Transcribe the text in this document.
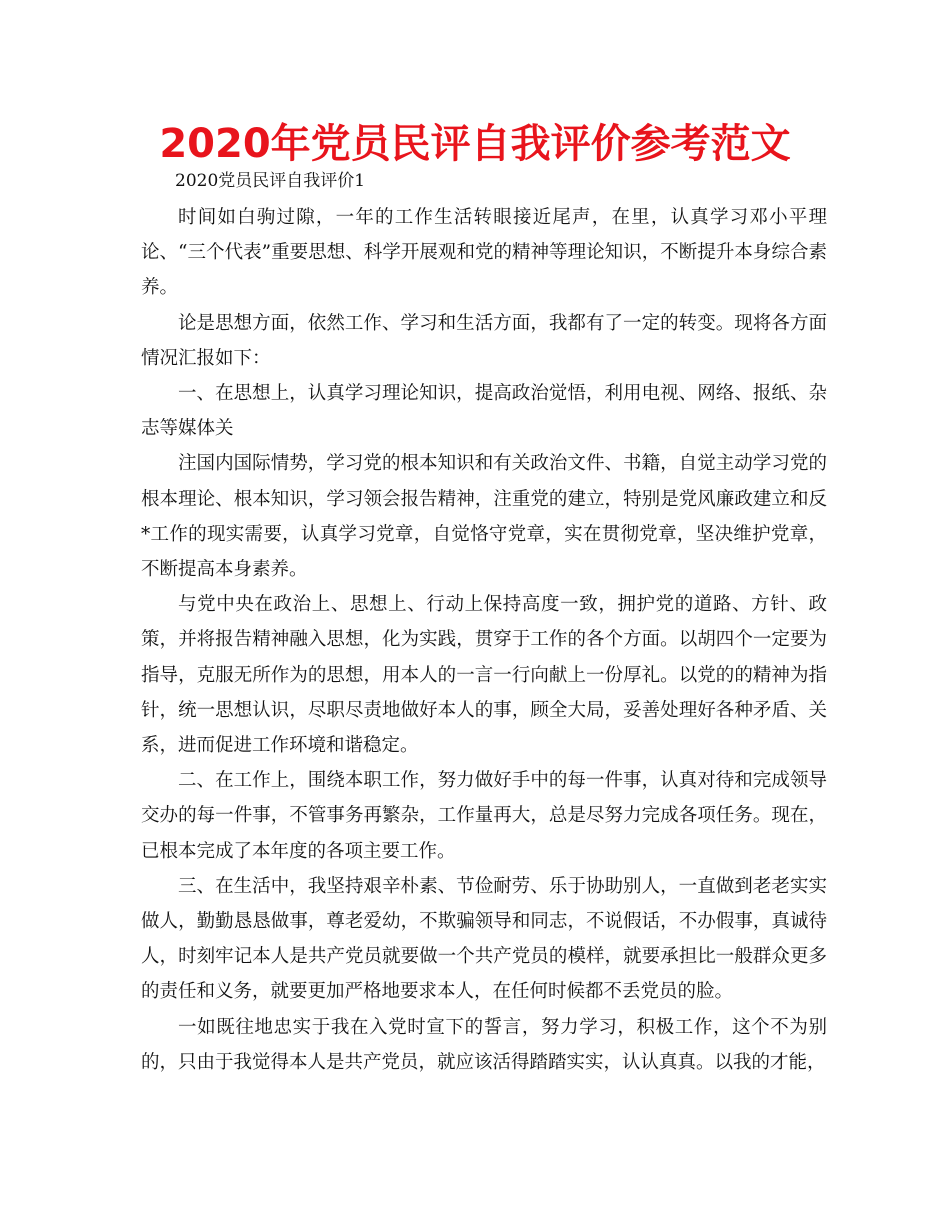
2020年党员民评自我评价参考范文
2020党员民评自我评价1

时间如白驹过隙，一年的工作生活转眼接近尾声，在里，认真学习邓小平理论、“三个代表”重要思想、科学开展观和党的精神等理论知识，不断提升本身综合素养。

论是思想方面，依然工作、学习和生活方面，我都有了一定的转变。现将各方面情况汇报如下：

一、在思想上，认真学习理论知识，提高政治觉悟，利用电视、网络、报纸、杂志等媒体关

注国内国际情势，学习党的根本知识和有关政治文件、书籍，自觉主动学习党的根本理论、根本知识，学习领会报告精神，注重党的建立，特别是党风廉政建立和反*工作的现实需要，认真学习党章，自觉恪守党章，实在贯彻党章，坚决维护党章，不断提高本身素养。

与党中央在政治上、思想上、行动上保持高度一致，拥护党的道路、方针、政策，并将报告精神融入思想，化为实践，贯穿于工作的各个方面。以胡四个一定要为指导，克服无所作为的思想，用本人的一言一行向献上一份厚礼。以党的的精神为指针，统一思想认识，尽职尽责地做好本人的事，顾全大局，妥善处理好各种矛盾、关系，进而促进工作环境和谐稳定。

二、在工作上，围绕本职工作，努力做好手中的每一件事，认真对待和完成领导交办的每一件事，不管事务再繁杂，工作量再大，总是尽努力完成各项任务。现在，已根本完成了本年度的各项主要工作。

三、在生活中，我坚持艰辛朴素、节俭耐劳、乐于协助别人，一直做到老老实实做人，勤勤恳恳做事，尊老爱幼，不欺骗领导和同志，不说假话，不办假事，真诚待人，时刻牢记本人是共产党员就要做一个共产党员的模样，就要承担比一般群众更多的责任和义务，就要更加严格地要求本人，在任何时候都不丢党员的脸。

一如既往地忠实于我在入党时宣下的誓言，努力学习，积极工作，这个不为别的，只由于我觉得本人是共产党员，就应该活得踏踏实实，认认真真。以我的才能，
